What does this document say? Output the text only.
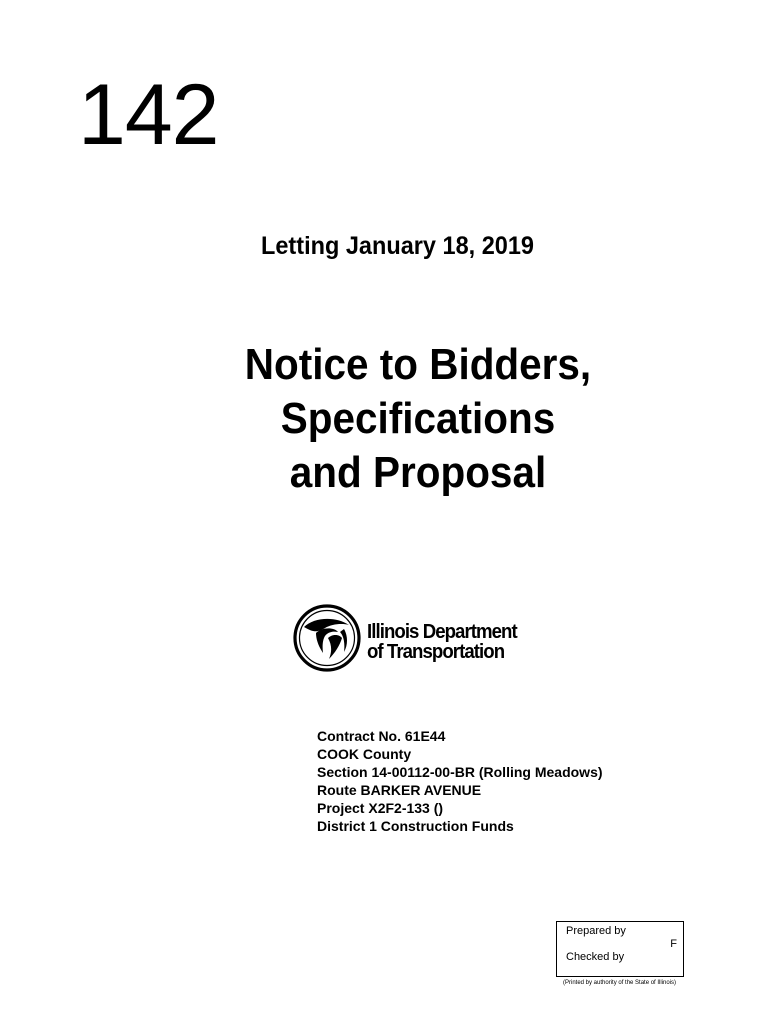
142
Letting January 18, 2019
Notice to Bidders,
Specifications
and Proposal
Illinois Department
of Transportation
Contract No. 61E44
COOK County
Section 14-00112-00-BR (Rolling Meadows)
Route BARKER AVENUE
Project X2F2-133 ()
District 1 Construction Funds
Prepared by
F
Checked by
(Printed by authority of the State of Illinois)
